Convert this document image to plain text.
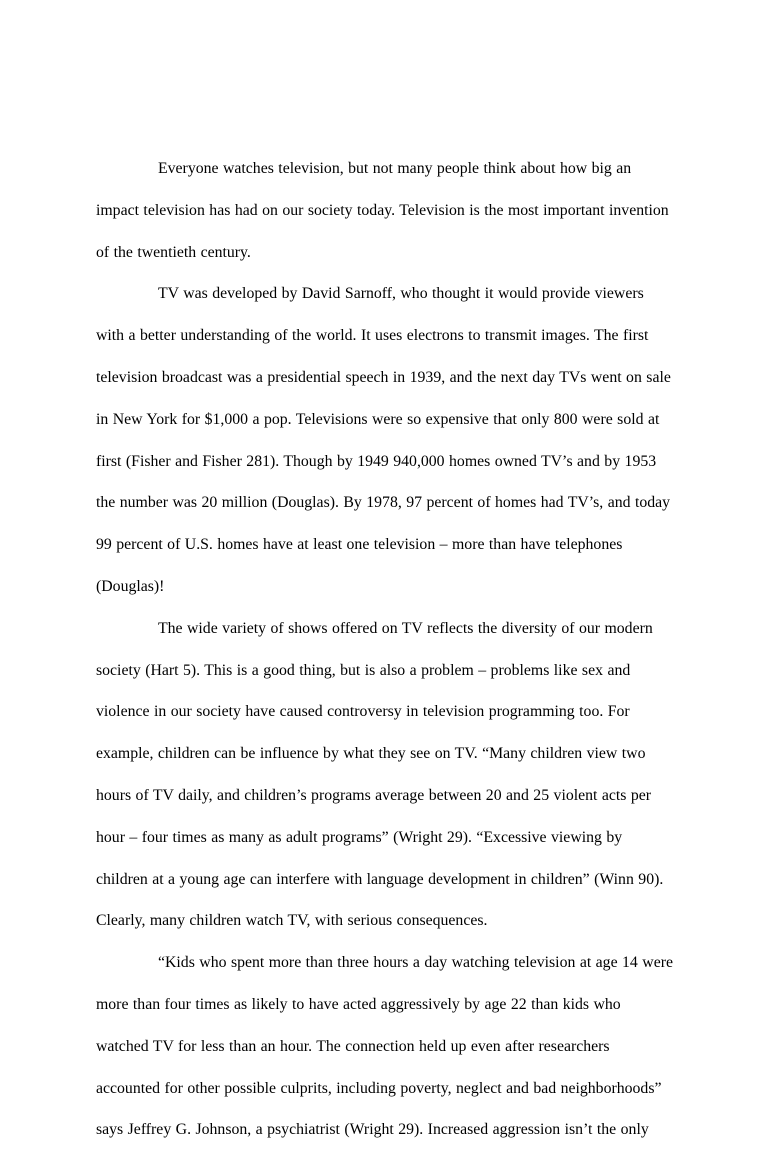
Everyone watches television, but not many people think about how big an impact television has had on our society today. Television is the most important invention of the twentieth century.

TV was developed by David Sarnoff, who thought it would provide viewers with a better understanding of the world. It uses electrons to transmit images. The first television broadcast was a presidential speech in 1939, and the next day TVs went on sale in New York for $1,000 a pop. Televisions were so expensive that only 800 were sold at first (Fisher and Fisher 281). Though by 1949 940,000 homes owned TV’s and by 1953 the number was 20 million (Douglas). By 1978, 97 percent of homes had TV’s, and today 99 percent of U.S. homes have at least one television – more than have telephones (Douglas)!

The wide variety of shows offered on TV reflects the diversity of our modern society (Hart 5). This is a good thing, but is also a problem – problems like sex and violence in our society have caused controversy in television programming too. For example, children can be influence by what they see on TV. “Many children view two hours of TV daily, and children’s programs average between 20 and 25 violent acts per hour – four times as many as adult programs” (Wright 29). “Excessive viewing by children at a young age can interfere with language development in children” (Winn 90). Clearly, many children watch TV, with serious consequences.

“Kids who spent more than three hours a day watching television at age 14 were more than four times as likely to have acted aggressively by age 22 than kids who watched TV for less than an hour. The connection held up even after researchers accounted for other possible culprits, including poverty, neglect and bad neighborhoods” says Jeffrey G. Johnson, a psychiatrist (Wright 29). Increased aggression isn’t the only
